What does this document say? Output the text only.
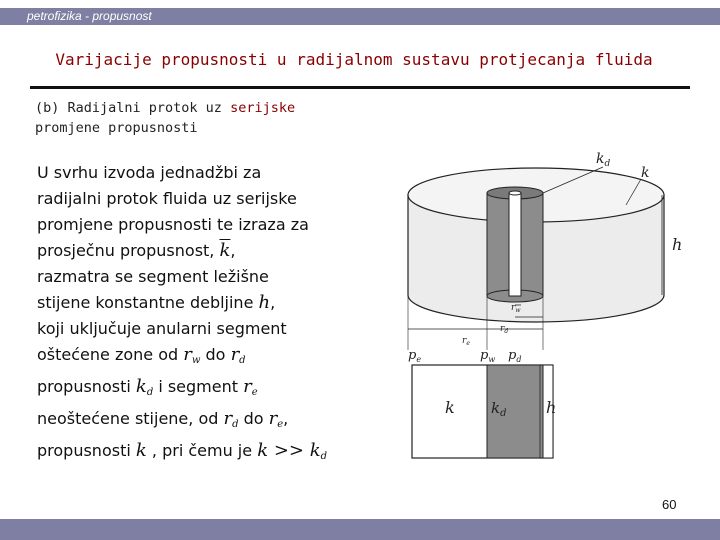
petrofizika - propusnost
Varijacije propusnosti u radijalnom sustavu protjecanja fluida
(b) Radijalni protok uz serijske
promjene propusnosti
U svrhu izvoda jednadžbi za
radijalni protok fluida uz serijske
promjene propusnosti te izraza za
prosječnu propusnost, $\overline{k}$,
razmatra se segment ležišne
stijene konstantne debljine h,
koji uključuje anularni segment
oštećene zone od $r_w$ do $r_d$
propusnosti $k_d$ i segment $r_e$
neoštećene stijene, od $r_d$ do $r_e$,
propusnosti k , pri čemu je $k >> k_d$
$k_d$
k
h
$r_w$
$r_d$
$r_e$
$p_e$	$p_w$ $p_d$
k $k_d$ h
60
